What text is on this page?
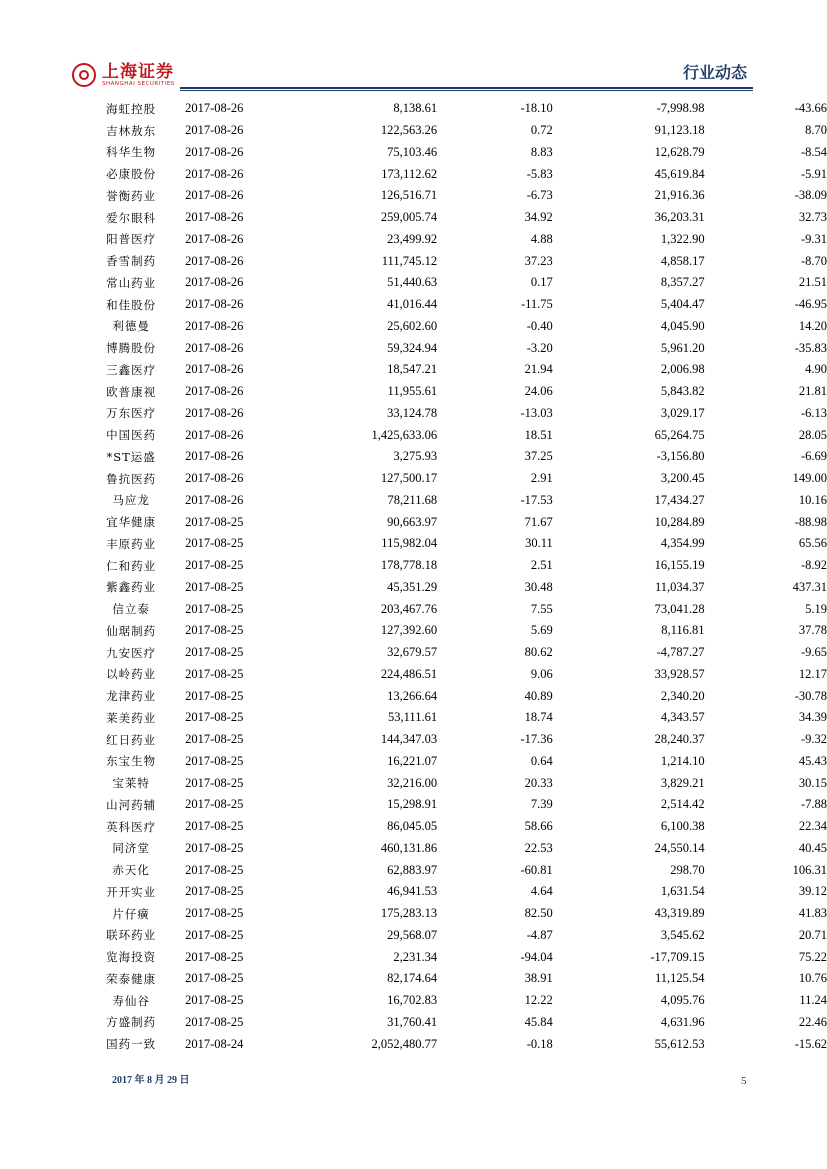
上海证券
SHANGHAI SECURITIES
行业动态
海虹控股	2017-08-26	8,138.61	-18.10	-7,998.98	-43.66
吉林敖东	2017-08-26	122,563.26	0.72	91,123.18	8.70
科华生物	2017-08-26	75,103.46	8.83	12,628.79	-8.54
必康股份	2017-08-26	173,112.62	-5.83	45,619.84	-5.91
誉衡药业	2017-08-26	126,516.71	-6.73	21,916.36	-38.09
爱尔眼科	2017-08-26	259,005.74	34.92	36,203.31	32.73
阳普医疗	2017-08-26	23,499.92	4.88	1,322.90	-9.31
香雪制药	2017-08-26	111,745.12	37.23	4,858.17	-8.70
常山药业	2017-08-26	51,440.63	0.17	8,357.27	21.51
和佳股份	2017-08-26	41,016.44	-11.75	5,404.47	-46.95
利德曼	2017-08-26	25,602.60	-0.40	4,045.90	14.20
博腾股份	2017-08-26	59,324.94	-3.20	5,961.20	-35.83
三鑫医疗	2017-08-26	18,547.21	21.94	2,006.98	4.90
欧普康视	2017-08-26	11,955.61	24.06	5,843.82	21.81
万东医疗	2017-08-26	33,124.78	-13.03	3,029.17	-6.13
中国医药	2017-08-26	1,425,633.06	18.51	65,264.75	28.05
*ST运盛	2017-08-26	3,275.93	37.25	-3,156.80	-6.69
鲁抗医药	2017-08-26	127,500.17	2.91	3,200.45	149.00
马应龙	2017-08-26	78,211.68	-17.53	17,434.27	10.16
宜华健康	2017-08-25	90,663.97	71.67	10,284.89	-88.98
丰原药业	2017-08-25	115,982.04	30.11	4,354.99	65.56
仁和药业	2017-08-25	178,778.18	2.51	16,155.19	-8.92
紫鑫药业	2017-08-25	45,351.29	30.48	11,034.37	437.31
信立泰	2017-08-25	203,467.76	7.55	73,041.28	5.19
仙琚制药	2017-08-25	127,392.60	5.69	8,116.81	37.78
九安医疗	2017-08-25	32,679.57	80.62	-4,787.27	-9.65
以岭药业	2017-08-25	224,486.51	9.06	33,928.57	12.17
龙津药业	2017-08-25	13,266.64	40.89	2,340.20	-30.78
莱美药业	2017-08-25	53,111.61	18.74	4,343.57	34.39
红日药业	2017-08-25	144,347.03	-17.36	28,240.37	-9.32
东宝生物	2017-08-25	16,221.07	0.64	1,214.10	45.43
宝莱特	2017-08-25	32,216.00	20.33	3,829.21	30.15
山河药辅	2017-08-25	15,298.91	7.39	2,514.42	-7.88
英科医疗	2017-08-25	86,045.05	58.66	6,100.38	22.34
同济堂	2017-08-25	460,131.86	22.53	24,550.14	40.45
赤天化	2017-08-25	62,883.97	-60.81	298.70	106.31
开开实业	2017-08-25	46,941.53	4.64	1,631.54	39.12
片仔癀	2017-08-25	175,283.13	82.50	43,319.89	41.83
联环药业	2017-08-25	29,568.07	-4.87	3,545.62	20.71
览海投资	2017-08-25	2,231.34	-94.04	-17,709.15	75.22
荣泰健康	2017-08-25	82,174.64	38.91	11,125.54	10.76
寿仙谷	2017-08-25	16,702.83	12.22	4,095.76	11.24
方盛制药	2017-08-25	31,760.41	45.84	4,631.96	22.46
国药一致	2017-08-24	2,052,480.77	-0.18	55,612.53	-15.62
2017 年 8 月 29 日	5
